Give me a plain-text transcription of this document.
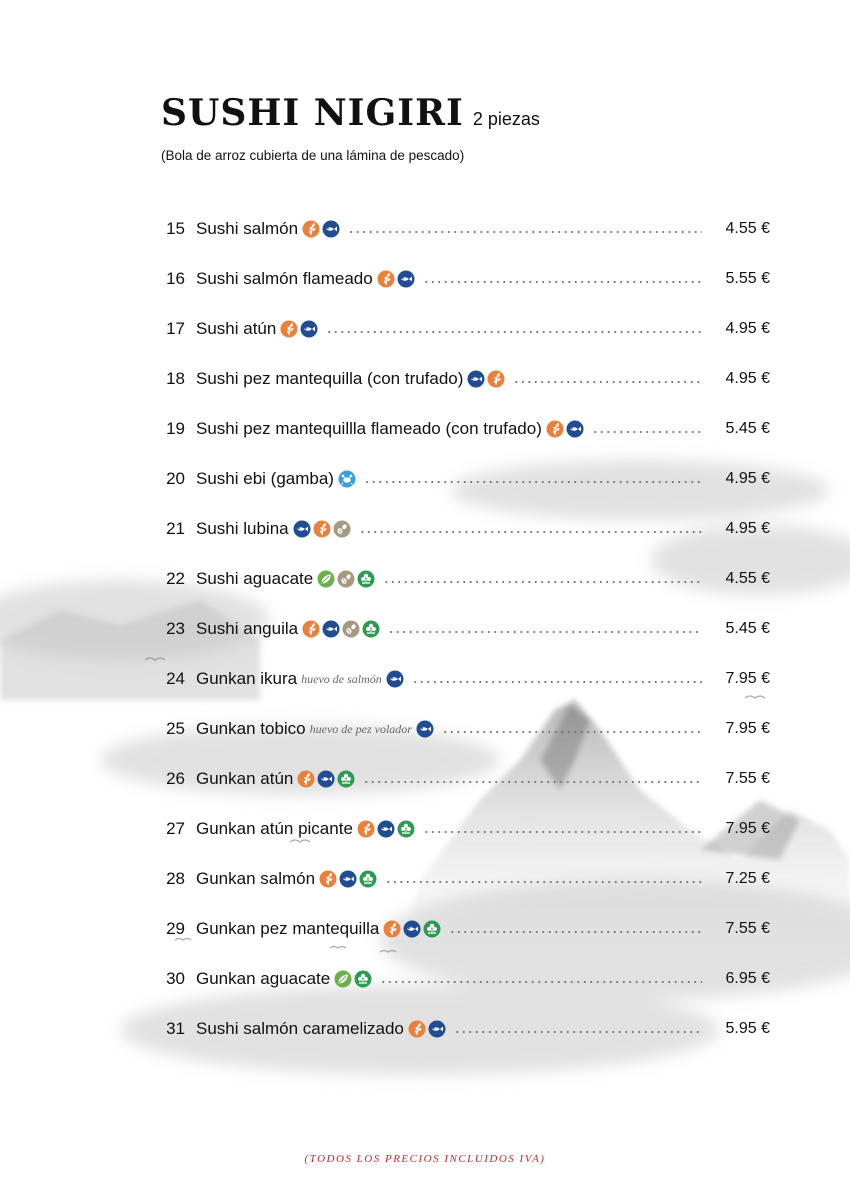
SUSHI NIGIRI 2 piezas
(Bola de arroz cubierta de una lámina de pescado)
15 Sushi salmón	4.55 €
16 Sushi salmón flameado	5.55 €
17 Sushi atún	4.95 €
18 Sushi pez mantequilla (con trufado)	4.95 €
19 Sushi pez mantequillla flameado (con trufado)	5.45 €
20 Sushi ebi (gamba)	4.95 €
21 Sushi lubina	4.95 €
22 Sushi aguacate	4.55 €
23 Sushi anguila	5.45 €
24 Gunkan ikura huevo de salmón	7.95 €
25 Gunkan tobico huevo de pez volador	7.95 €
26 Gunkan atún	7.55 €
27 Gunkan atún picante	7.95 €
28 Gunkan salmón	7.25 €
29 Gunkan pez mantequilla	7.55 €
30 Gunkan aguacate	6.95 €
31 Sushi salmón caramelizado	5.95 €
(TODOS LOS PRECIOS INCLUIDOS IVA)
